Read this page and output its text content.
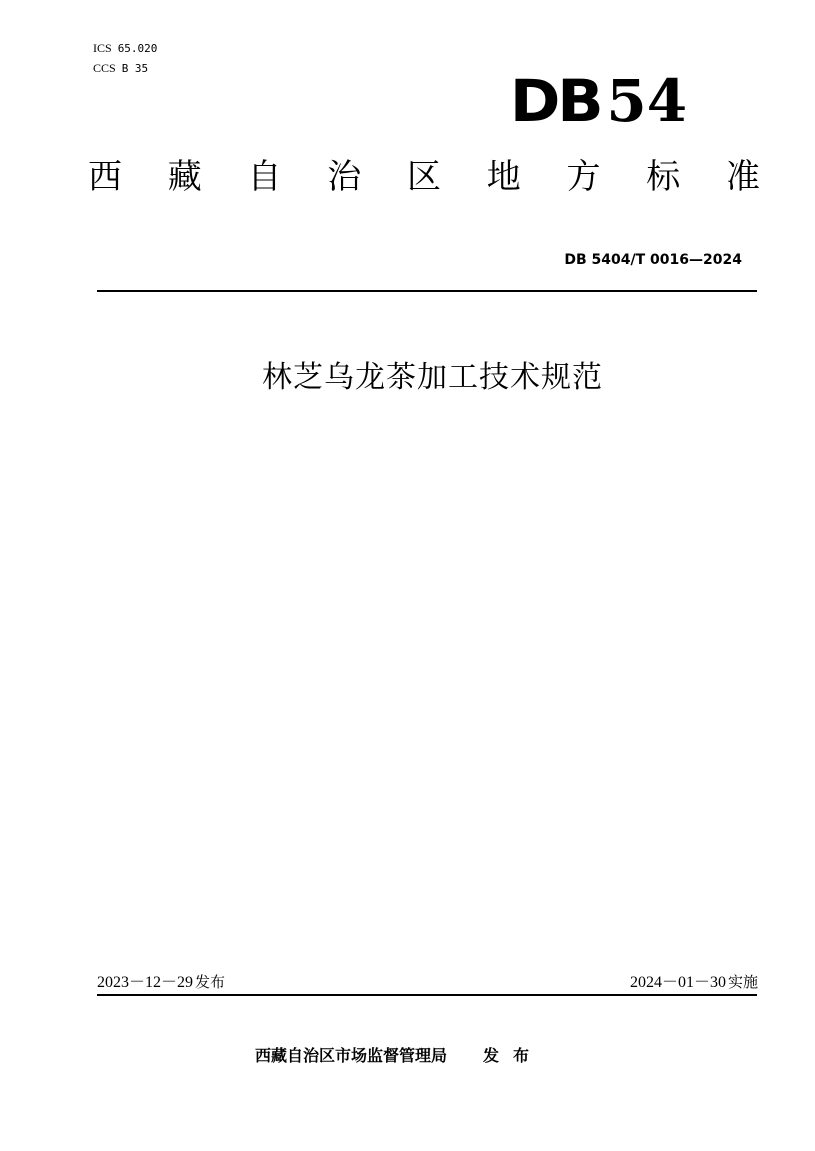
ICS 65.020
CCS B 35	DB 54
西 藏 自 治 区 地 方 标 准
DB 5404/T 0016—2024
林芝乌龙茶加工技术规范
2023－12－29 发布	2024－01－30 实施
西藏自治区市场监督管理局 发布
